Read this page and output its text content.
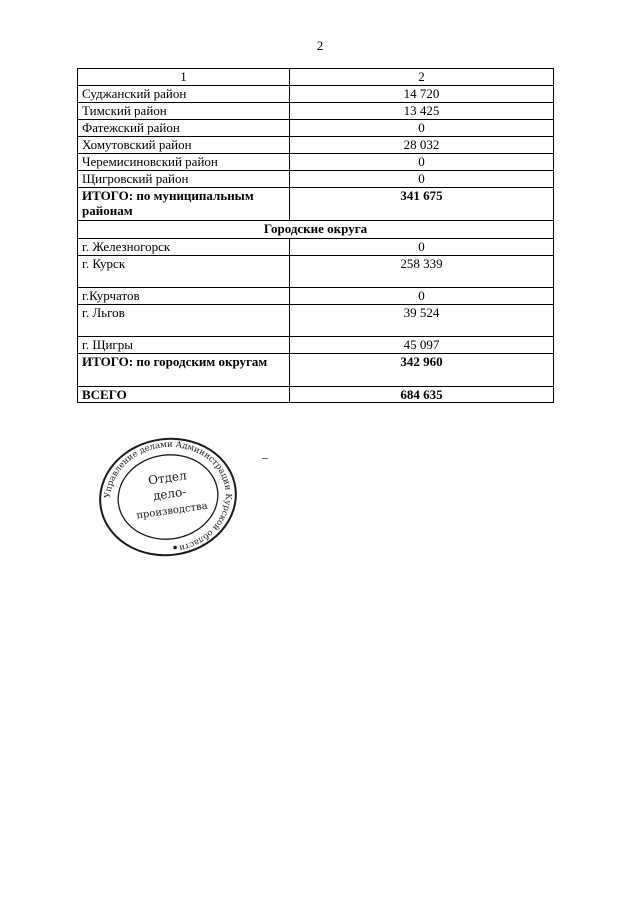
2
1	2
Суджанский район	14 720
Тимский район	13 425
Фатежский район	0
Хомутовский район	28 032
Черемисиновский район	0
Щигровский район	0
ИТОГО: по муниципальным районам	341 675
Городские округа	
г. Железногорск	0
г. Курск	258 339
г.Курчатов	0
г. Льгов	39 524
г. Щигры	45 097
ИТОГО: по городским округам	342 960
ВСЕГО	684 635
Управление делами Администрации Курской области
Отдел
дело-
производства
